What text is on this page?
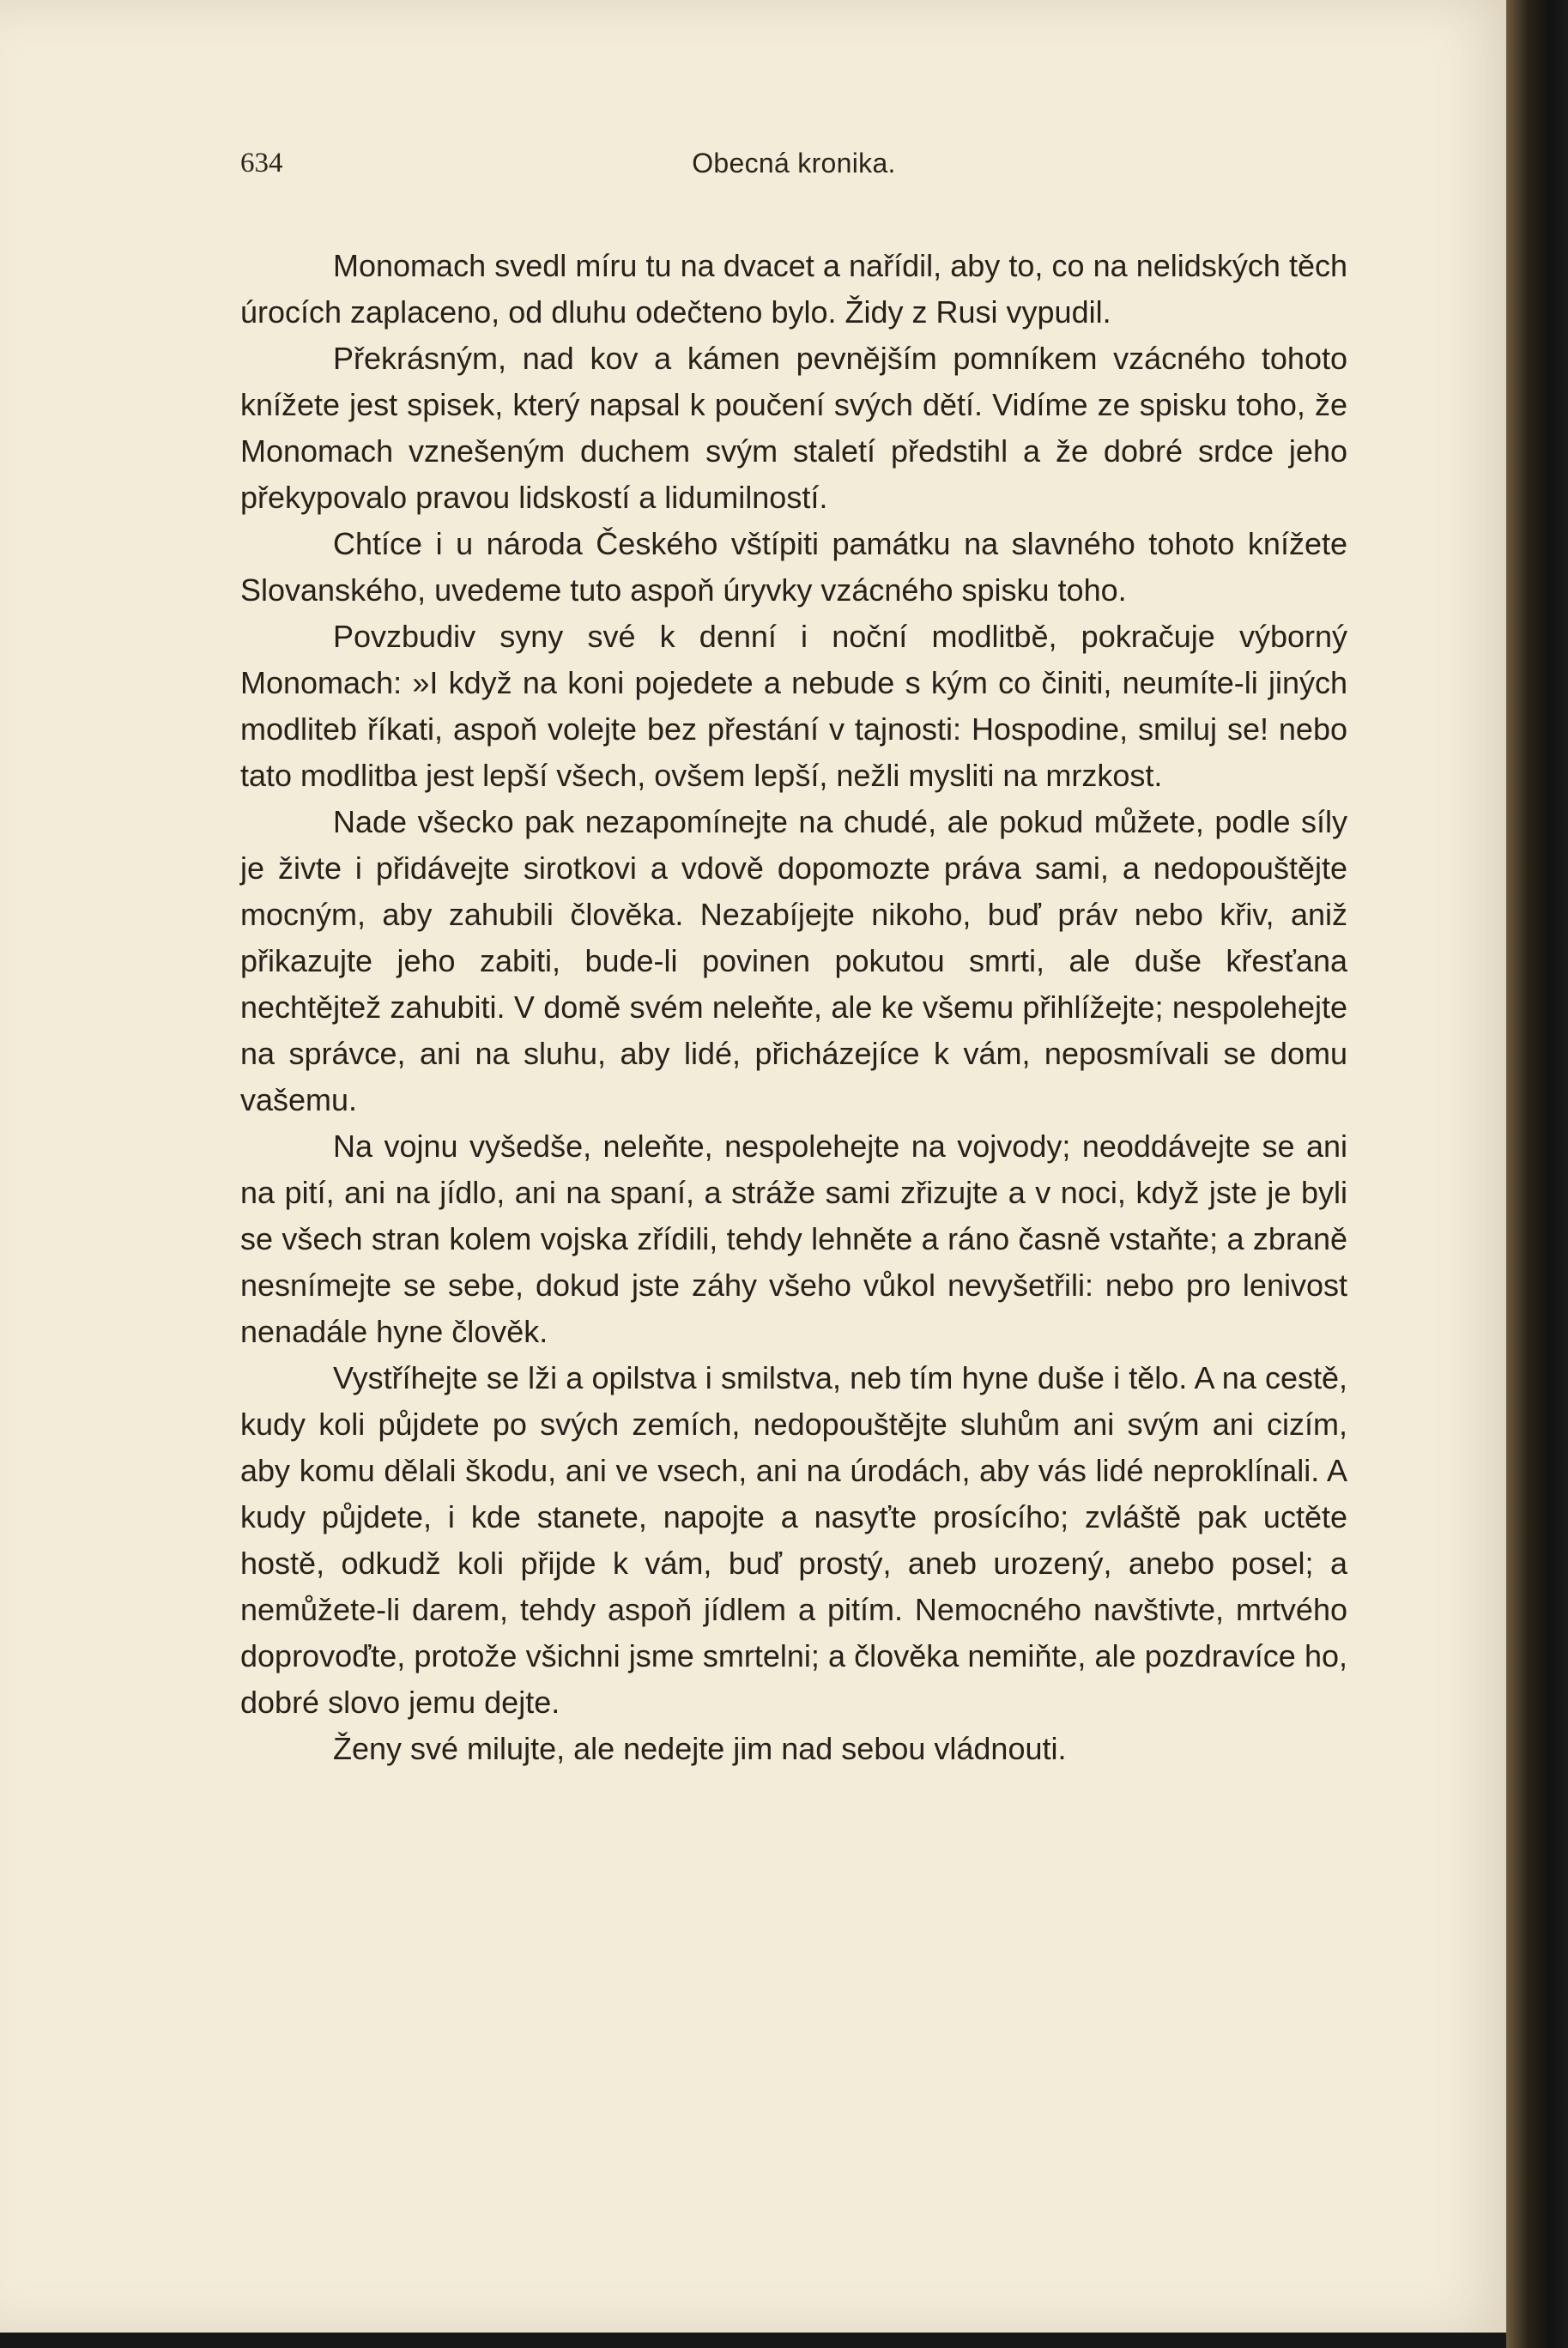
634	Obecná kronika.

Monomach svedl míru tu na dvacet a nařídil, aby to, co na nelidských těch úrocích zaplaceno, od dluhu odečteno bylo. Židy z Rusi vypudil.

Překrásným, nad kov a kámen pevnějším pomníkem vzácného tohoto knížete jest spisek, který napsal k poučení svých dětí. Vidíme ze spisku toho, že Monomach vznešeným duchem svým staletí předstihl a že dobré srdce jeho překypovalo pravou lidskostí a lidumilností.

Chtíce i u národa Českého vštípiti památku na slavného tohoto knížete Slovanského, uvedeme tuto aspoň úryvky vzácného spisku toho.

Povzbudiv syny své k denní i noční modlitbě, pokračuje výborný Monomach: »I když na koni pojedete a nebude s kým co činiti, neumíte-li jiných modliteb říkati, aspoň volejte bez přestání v tajnosti: Hospodine, smiluj se! nebo tato modlitba jest lepší všech, ovšem lepší, nežli mysliti na mrzkost.

Nade všecko pak nezapomínejte na chudé, ale pokud můžete, podle síly je živte i přidávejte sirotkovi a vdově dopomozte práva sami, a nedopouštějte mocným, aby zahubili člověka. Nezabíjejte nikoho, buď práv nebo křiv, aniž přikazujte jeho zabiti, bude-li povinen pokutou smrti, ale duše křesťana nechtějtež zahubiti. V domě svém neleňte, ale ke všemu přihlížejte; nespolehejte na správce, ani na sluhu, aby lidé, přicházejíce k vám, neposmívali se domu vašemu.

Na vojnu vyšedše, neleňte, nespolehejte na vojvody; neoddávejte se ani na pití, ani na jídlo, ani na spaní, a stráže sami zřizujte a v noci, když jste je byli se všech stran kolem vojska zřídili, tehdy lehněte a ráno časně vstaňte; a zbraně nesnímejte se sebe, dokud jste záhy všeho vůkol nevyšetřili: nebo pro lenivost nenadále hyne člověk.

Vystříhejte se lži a opilstva i smilstva, neb tím hyne duše i tělo. A na cestě, kudy koli půjdete po svých zemích, nedopouštějte sluhům ani svým ani cizím, aby komu dělali škodu, ani ve vsech, ani na úrodách, aby vás lidé neproklínali. A kudy půjdete, i kde stanete, napojte a nasyťte prosícího; zvláště pak uctěte hostě, odkudž koli přijde k vám, buď prostý, aneb urozený, anebo posel; a nemůžete-li darem, tehdy aspoň jídlem a pitím. Nemocného navštivte, mrtvého doprovoďte, protože všichni jsme smrtelni; a člověka nemiňte, ale pozdravíce ho, dobré slovo jemu dejte.

Ženy své milujte, ale nedejte jim nad sebou vládnouti.
